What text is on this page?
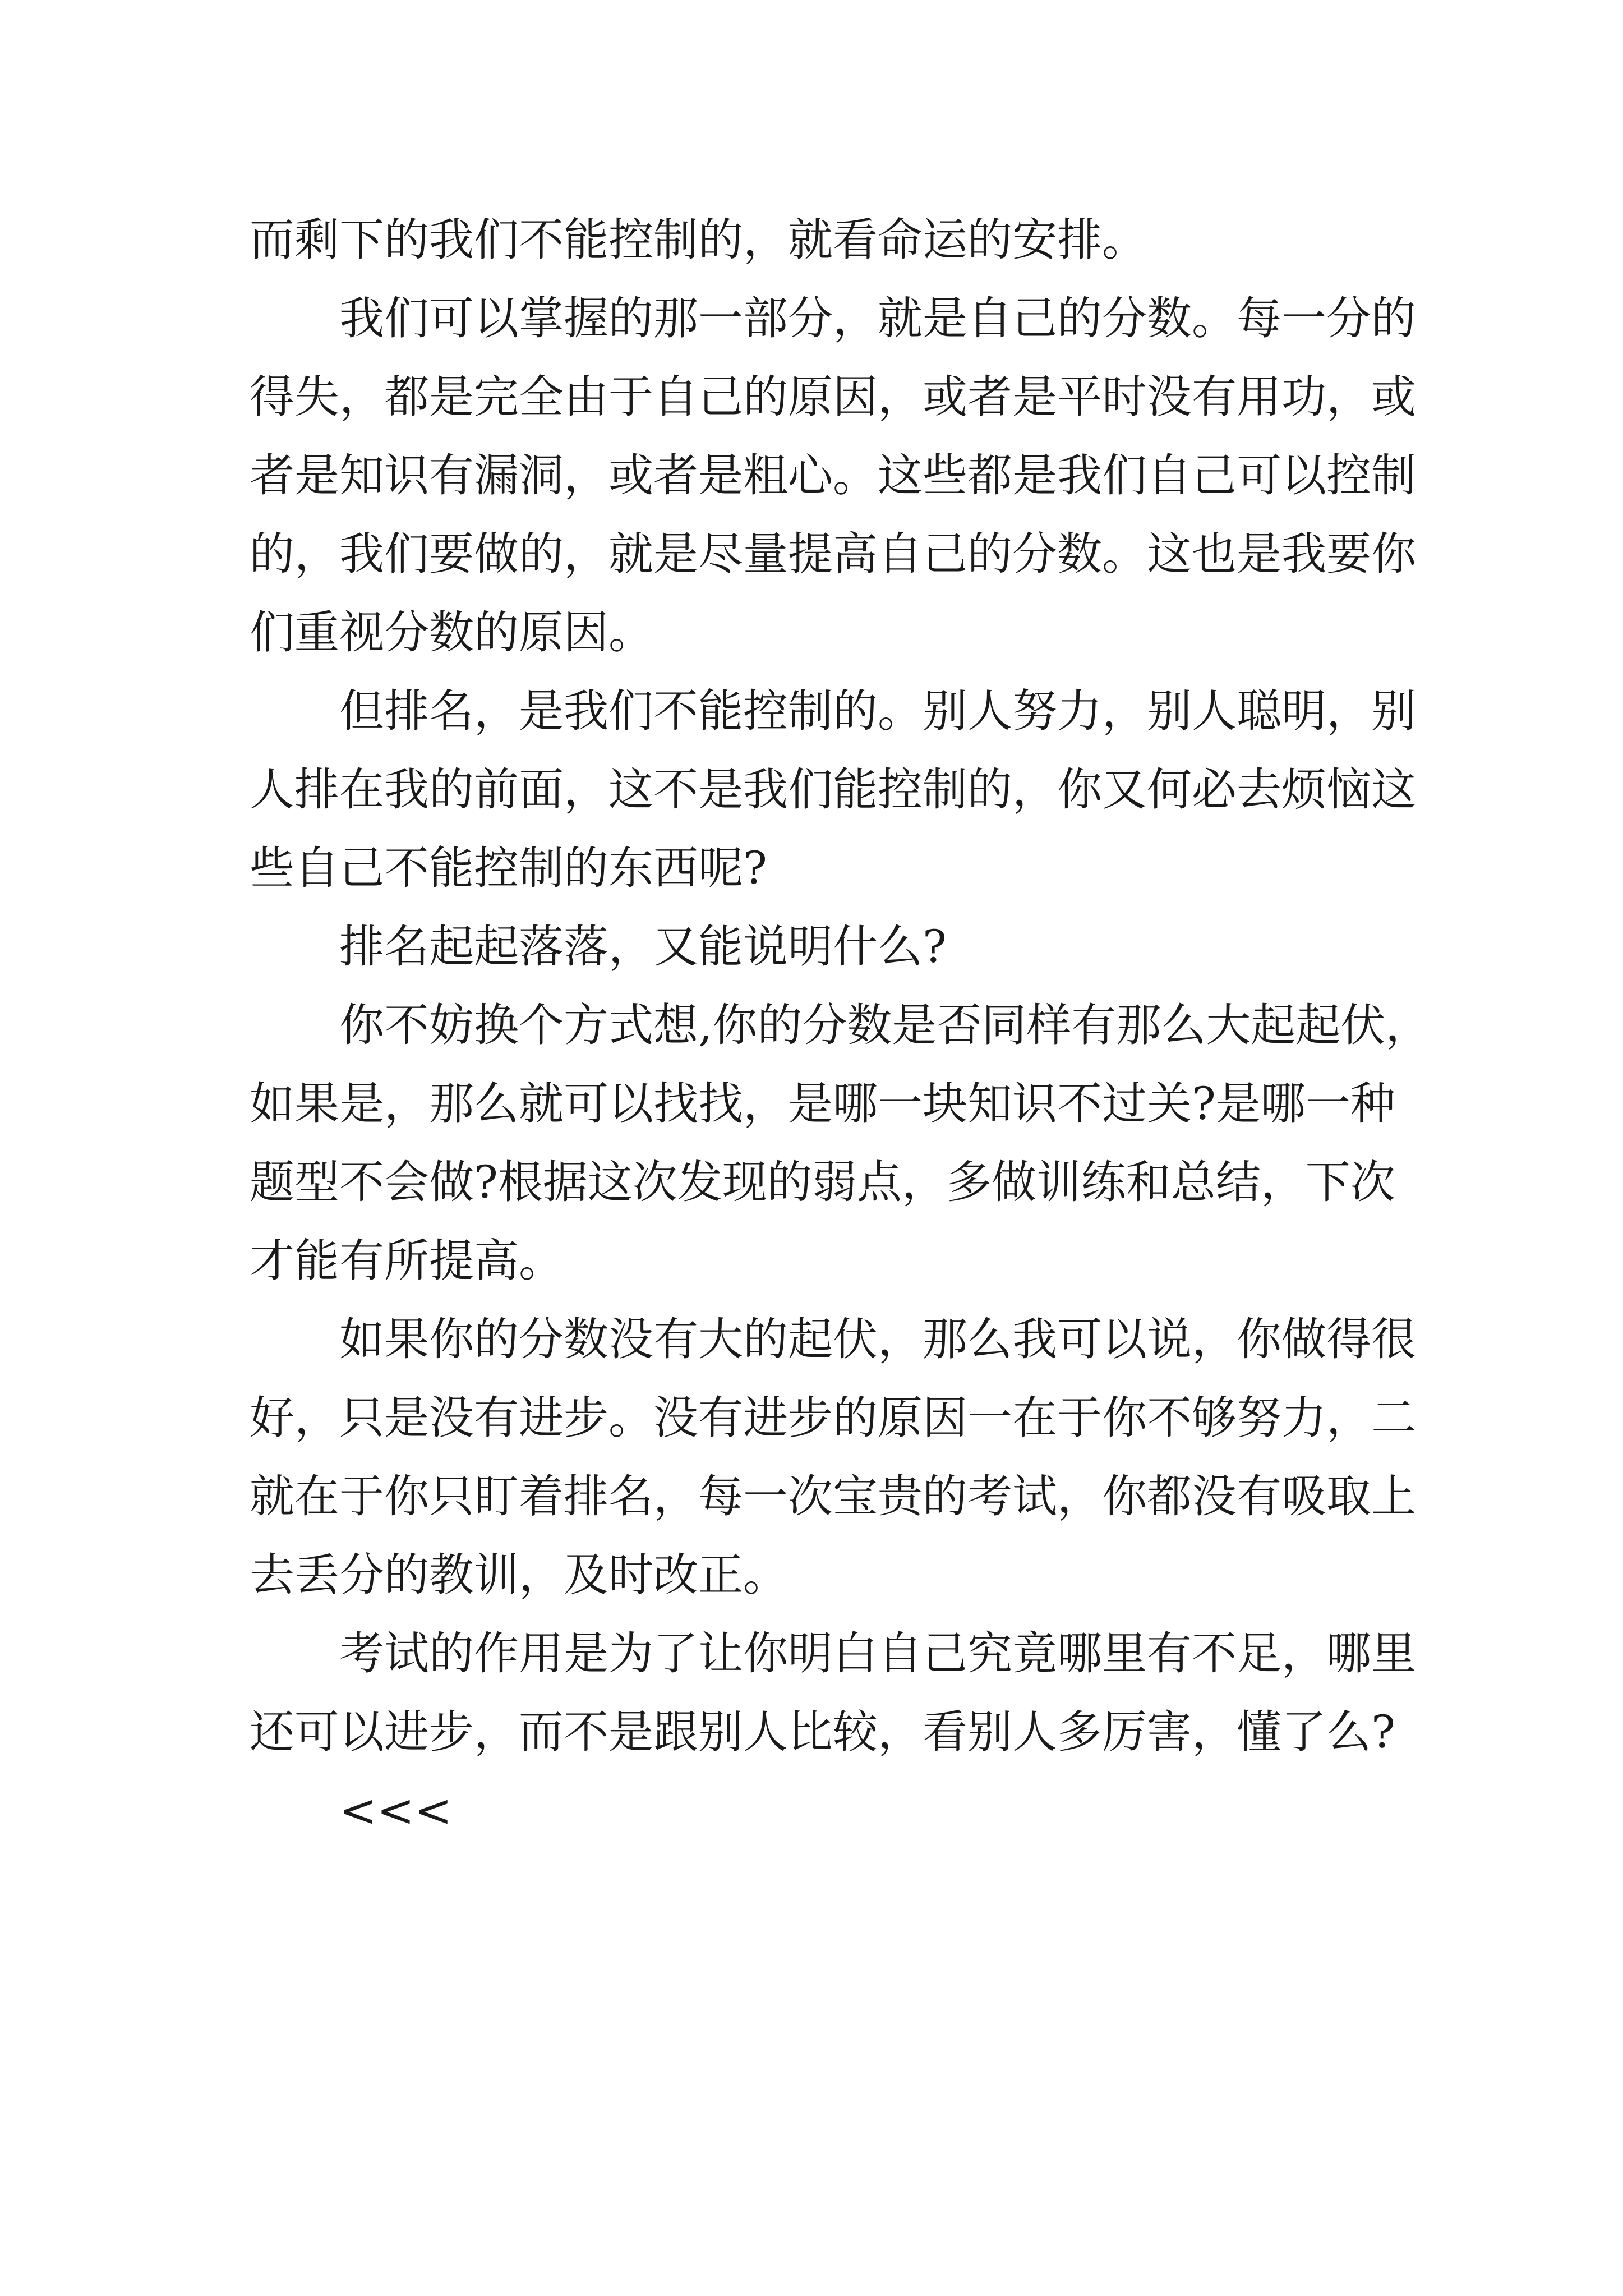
而剩下的我们不能控制的，就看命运的安排。
我们可以掌握的那一部分，就是自己的分数。每一分的
得失，都是完全由于自己的原因，或者是平时没有用功，或
者是知识有漏洞，或者是粗心。这些都是我们自己可以控制
的，我们要做的，就是尽量提高自己的分数。这也是我要你
们重视分数的原因。
但排名，是我们不能控制的。别人努力，别人聪明，别
人排在我的前面，这不是我们能控制的，你又何必去烦恼这
些自己不能控制的东西呢?
排名起起落落，又能说明什么?
你不妨换个方式想,你的分数是否同样有那么大起起伏，
如果是，那么就可以找找，是哪一块知识不过关?是哪一种
题型不会做?根据这次发现的弱点，多做训练和总结，下次
才能有所提高。
如果你的分数没有大的起伏，那么我可以说，你做得很
好，只是没有进步。没有进步的原因一在于你不够努力，二
就在于你只盯着排名，每一次宝贵的考试，你都没有吸取上
去丢分的教训，及时改正。
考试的作用是为了让你明白自己究竟哪里有不足，哪里
还可以进步，而不是跟别人比较，看别人多厉害，懂了么?
<<<
